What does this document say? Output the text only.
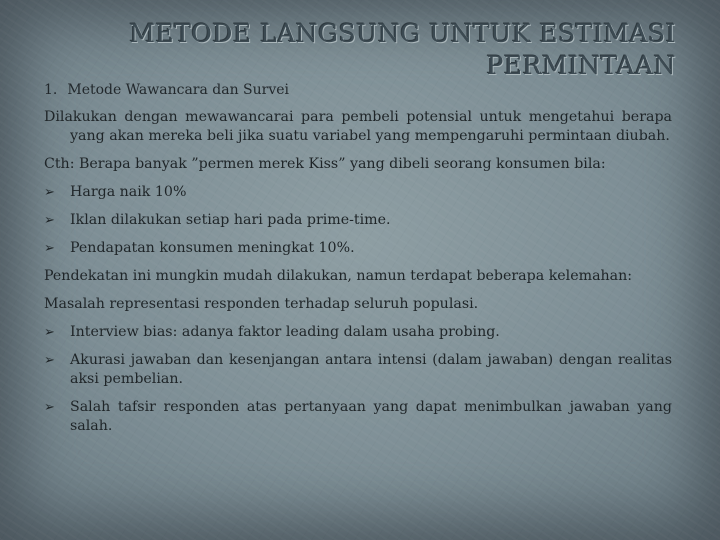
METODE LANGSUNG UNTUK ESTIMASI PERMINTAAN
1. Metode Wawancara dan Survei

Dilakukan dengan mewawancarai para pembeli potensial untuk mengetahui berapa yang akan mereka beli jika suatu variabel yang mempengaruhi permintaan diubah.

Cth: Berapa banyak ”permen merek Kiss” yang dibeli seorang konsumen bila:

➢	Harga naik 10%
➢	Iklan dilakukan setiap hari pada prime-time.
➢	Pendapatan konsumen meningkat 10%.

Pendekatan ini mungkin mudah dilakukan, namun terdapat beberapa kelemahan:

Masalah representasi responden terhadap seluruh populasi.

➢	Interview bias: adanya faktor leading dalam usaha probing.
➢	Akurasi jawaban dan kesenjangan antara intensi (dalam jawaban) dengan realitas aksi pembelian.
➢	Salah tafsir responden atas pertanyaan yang dapat menimbulkan jawaban yang salah.
